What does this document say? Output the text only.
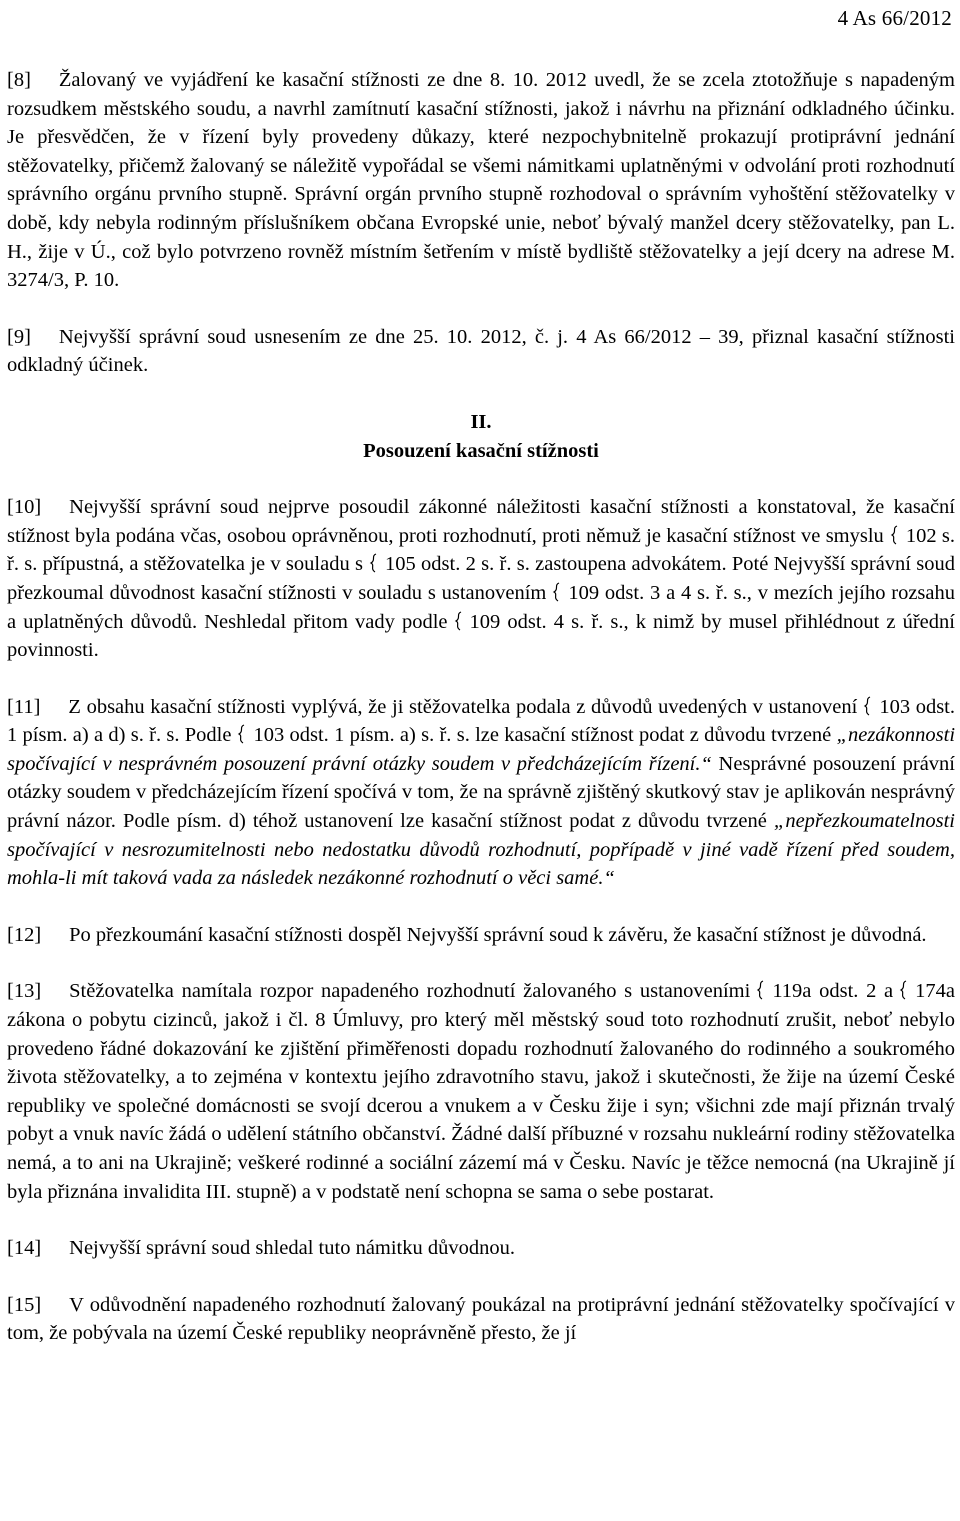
4 As 66/2012

[8] Žalovaný ve vyjádření ke kasační stížnosti ze dne 8. 10. 2012 uvedl, že se zcela ztotožňuje s napadeným rozsudkem městského soudu, a navrhl zamítnutí kasační stížnosti, jakož i návrhu na přiznání odkladného účinku. Je přesvědčen, že v řízení byly provedeny důkazy, které nezpochybnitelně prokazují protiprávní jednání stěžovatelky, přičemž žalovaný se náležitě vypořádal se všemi námitkami uplatněnými v odvolání proti rozhodnutí správního orgánu prvního stupně. Správní orgán prvního stupně rozhodoval o správním vyhoštění stěžovatelky v době, kdy nebyla rodinným příslušníkem občana Evropské unie, neboť bývalý manžel dcery stěžovatelky, pan L. H., žije v Ú., což bylo potvrzeno rovněž místním šetřením v místě bydliště stěžovatelky a její dcery na adrese M. 3274/3, P. 10.

[9] Nejvyšší správní soud usnesením ze dne 25. 10. 2012, č. j. 4 As 66/2012 – 39, přiznal kasační stížnosti odkladný účinek.

II.

Posouzení kasační stížnosti

[10] Nejvyšší správní soud nejprve posoudil zákonné náležitosti kasační stížnosti a konstatoval, že kasační stížnost byla podána včas, osobou oprávněnou, proti rozhodnutí, proti němuž je kasační stížnost ve smyslu 102 s. ř. s. přípustná, a stěžovatelka je v souladu s 105 odst. 2 s. ř. s. zastoupena advokátem. Poté Nejvyšší správní soud přezkoumal důvodnost kasační stížnosti v souladu s ustanovením 109 odst. 3 a 4 s. ř. s., v mezích jejího rozsahu a uplatněných důvodů. Neshledal přitom vady podle 109 odst. 4 s. ř. s., k nimž by musel přihlédnout z úřední povinnosti.

[11] Z obsahu kasační stížnosti vyplývá, že ji stěžovatelka podala z důvodů uvedených v ustanovení 103 odst. 1 písm. a) a d) s. ř. s. Podle 103 odst. 1 písm. a) s. ř. s. lze kasační stížnost podat z důvodu tvrzené „nezákonnosti spočívající v nesprávném posouzení právní otázky soudem v předcházejícím řízení.“ Nesprávné posouzení právní otázky soudem v předcházejícím řízení spočívá v tom, že na správně zjištěný skutkový stav je aplikován nesprávný právní názor. Podle písm. d) téhož ustanovení lze kasační stížnost podat z důvodu tvrzené „nepřezkoumatelnosti spočívající v nesrozumitelnosti nebo nedostatku důvodů rozhodnutí, popřípadě v jiné vadě řízení před soudem, mohla-li mít taková vada za následek nezákonné rozhodnutí o věci samé.“

[12] Po přezkoumání kasační stížnosti dospěl Nejvyšší správní soud k závěru, že kasační stížnost je důvodná.

[13] Stěžovatelka namítala rozpor napadeného rozhodnutí žalovaného s ustanoveními 119a odst. 2 a 174a zákona o pobytu cizinců, jakož i čl. 8 Úmluvy, pro který měl městský soud toto rozhodnutí zrušit, neboť nebylo provedeno řádné dokazování ke zjištění přiměřenosti dopadu rozhodnutí žalovaného do rodinného a soukromého života stěžovatelky, a to zejména v kontextu jejího zdravotního stavu, jakož i skutečnosti, že žije na území České republiky ve společné domácnosti se svojí dcerou a vnukem a v Česku žije i syn; všichni zde mají přiznán trvalý pobyt a vnuk navíc žádá o udělení státního občanství. Žádné další příbuzné v rozsahu nukleární rodiny stěžovatelka nemá, a to ani na Ukrajině; veškeré rodinné a sociální zázemí má v Česku. Navíc je těžce nemocná (na Ukrajině jí byla přiznána invalidita III. stupně) a v podstatě není schopna se sama o sebe postarat.

[14] Nejvyšší správní soud shledal tuto námitku důvodnou.

[15] V odůvodnění napadeného rozhodnutí žalovaný poukázal na protiprávní jednání stěžovatelky spočívající v tom, že pobývala na území České republiky neoprávněně přesto, že jí
